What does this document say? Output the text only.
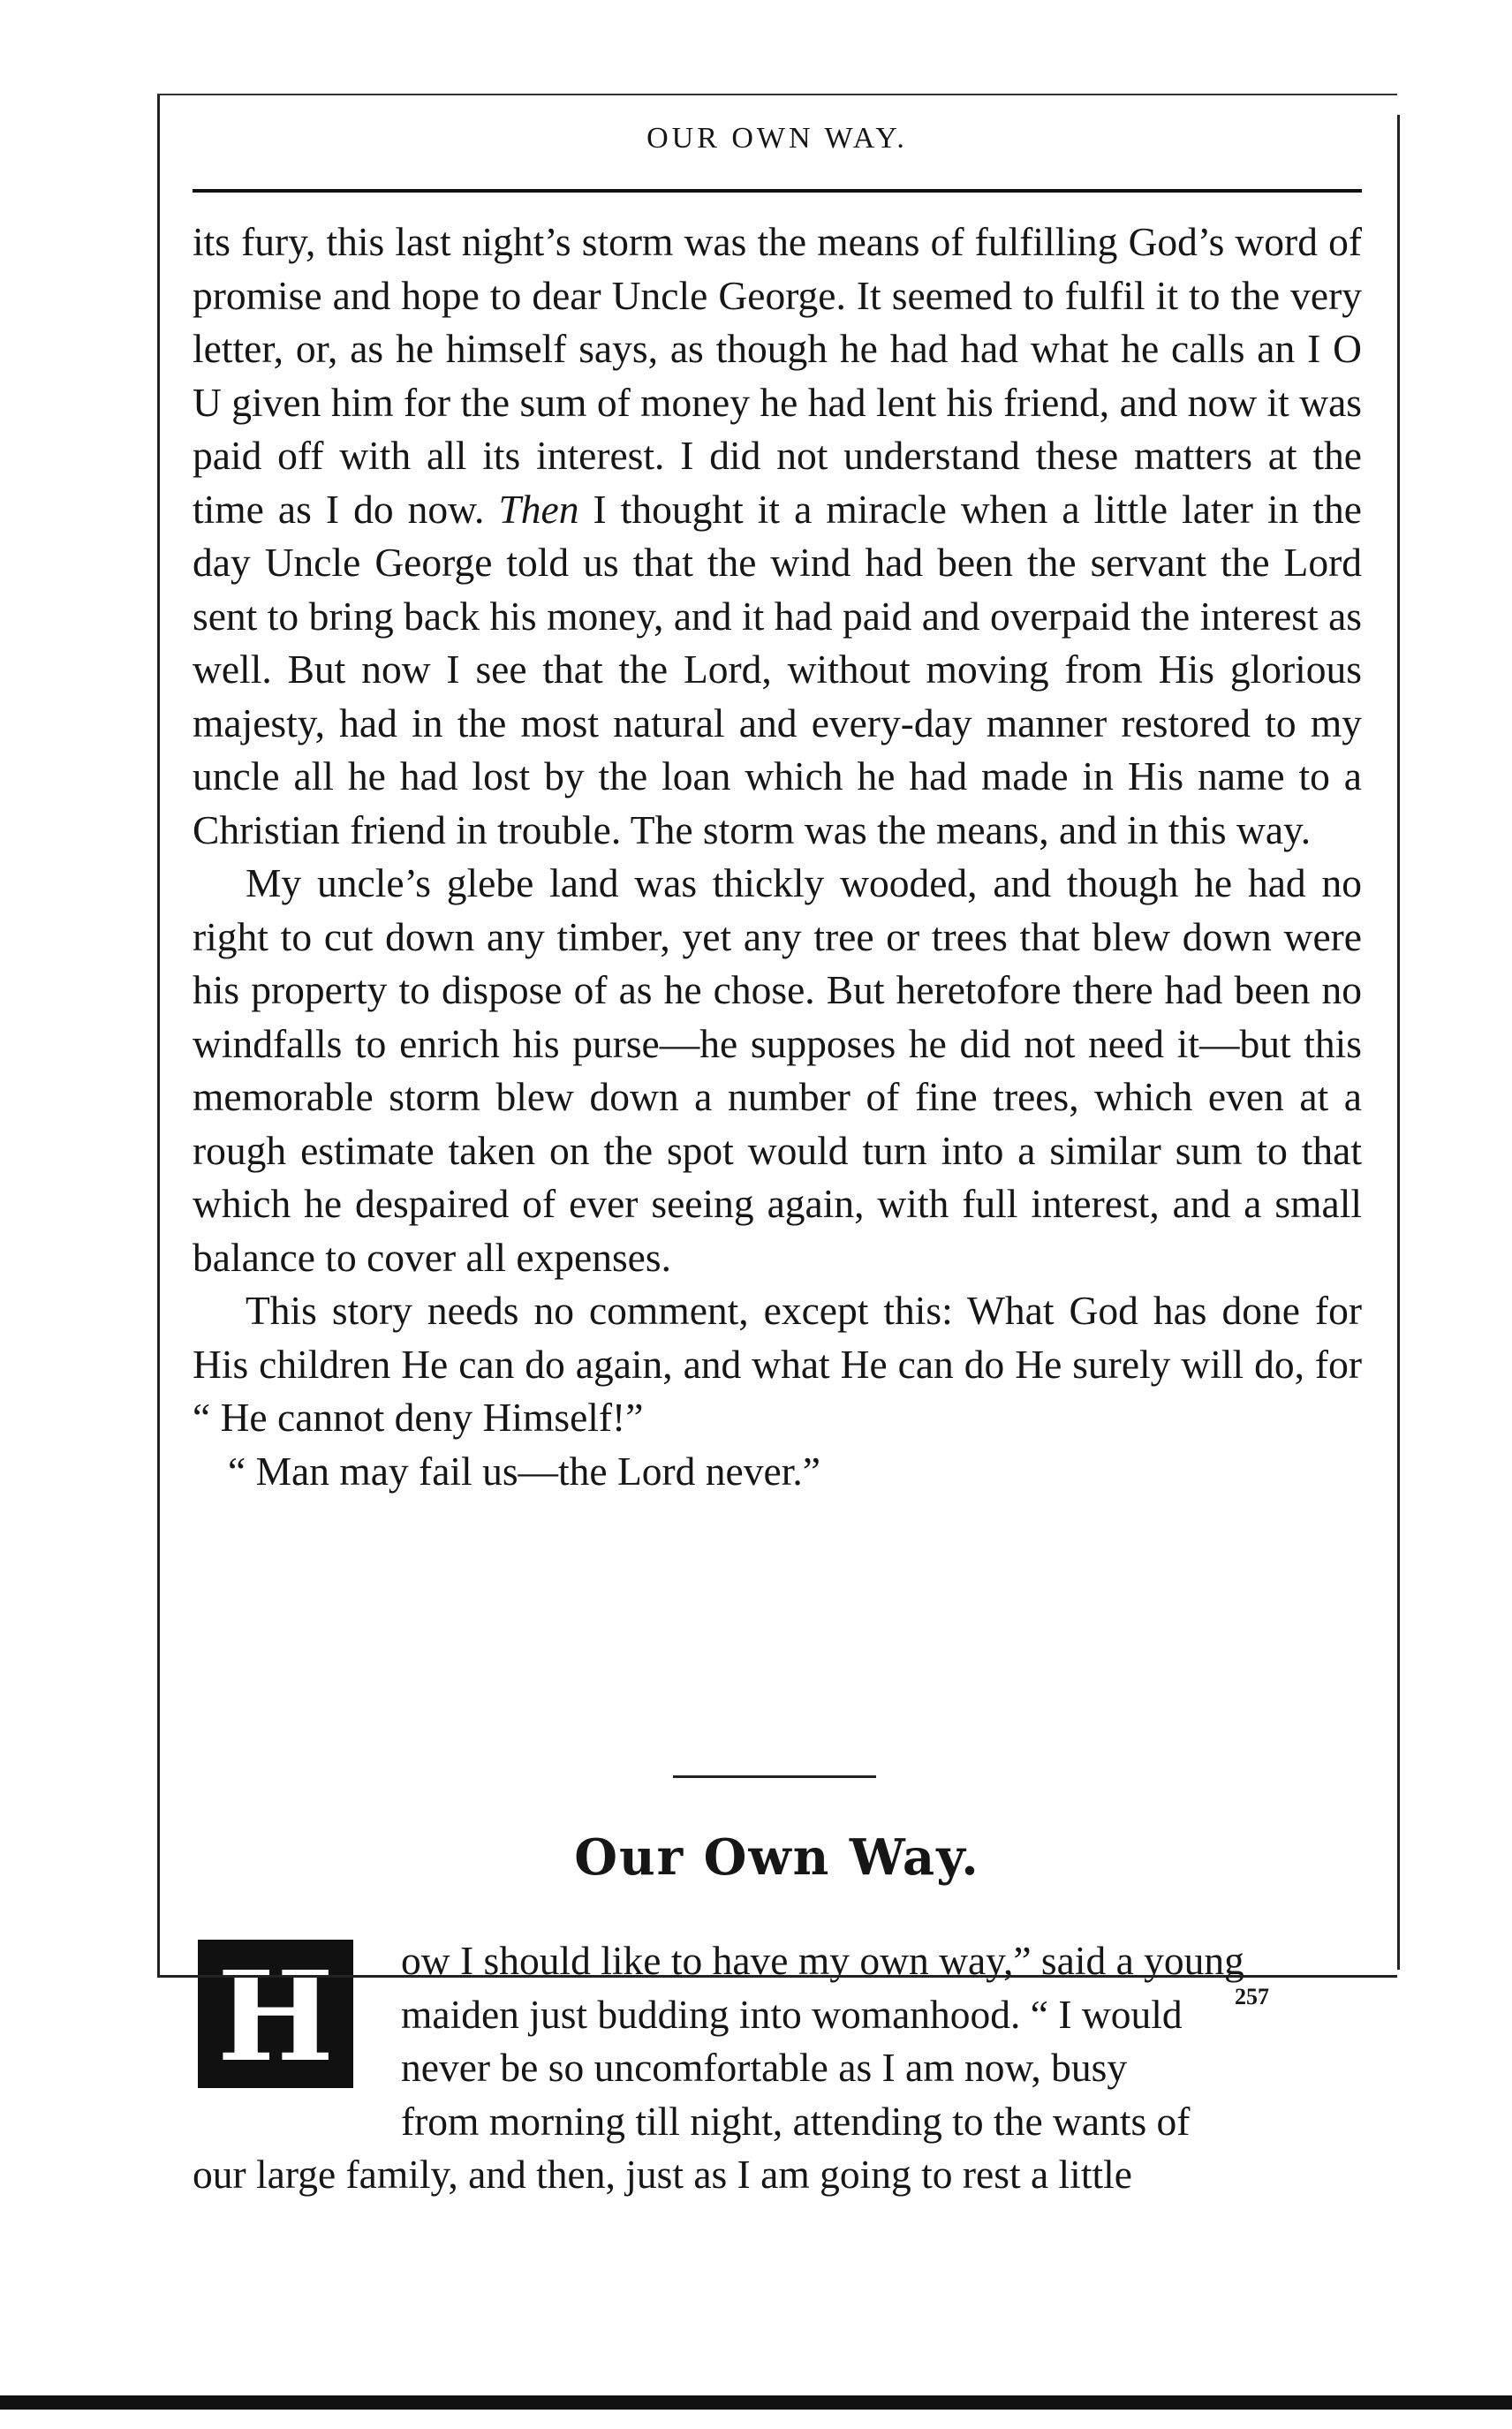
OUR OWN WAY.

its fury, this last night’s storm was the means of fulfilling God’s word of promise and hope to dear Uncle George. It seemed to fulfil it to the very letter, or, as he himself says, as though he had had what he calls an I O U given him for the sum of money he had lent his friend, and now it was paid off with all its interest. I did not understand these matters at the time as I do now. Then I thought it a miracle when a little later in the day Uncle George told us that the wind had been the servant the Lord sent to bring back his money, and it had paid and overpaid the interest as well. But now I see that the Lord, without moving from His glorious majesty, had in the most natural and every-day manner restored to my uncle all he had lost by the loan which he had made in His name to a Christian friend in trouble. The storm was the means, and in this way.

My uncle’s glebe land was thickly wooded, and though he had no right to cut down any timber, yet any tree or trees that blew down were his property to dispose of as he chose. But heretofore there had been no windfalls to enrich his purse—he supposes he did not need it—but this memorable storm blew down a number of fine trees, which even at a rough estimate taken on the spot would turn into a similar sum to that which he despaired of ever seeing again, with full interest, and a small balance to cover all expenses.

This story needs no comment, except this: What God has done for His children He can do again, and what He can do He surely will do, for “ He cannot deny Himself!”

“ Man may fail us—the Lord never.”

Our Own Way.
H	ow I should like to have my own way,” said a young
maiden just budding into womanhood. “ I would
never be so uncomfortable as I am now, busy
from morning till night, attending to the wants of
our large family, and then, just as I am going to rest a little
257
